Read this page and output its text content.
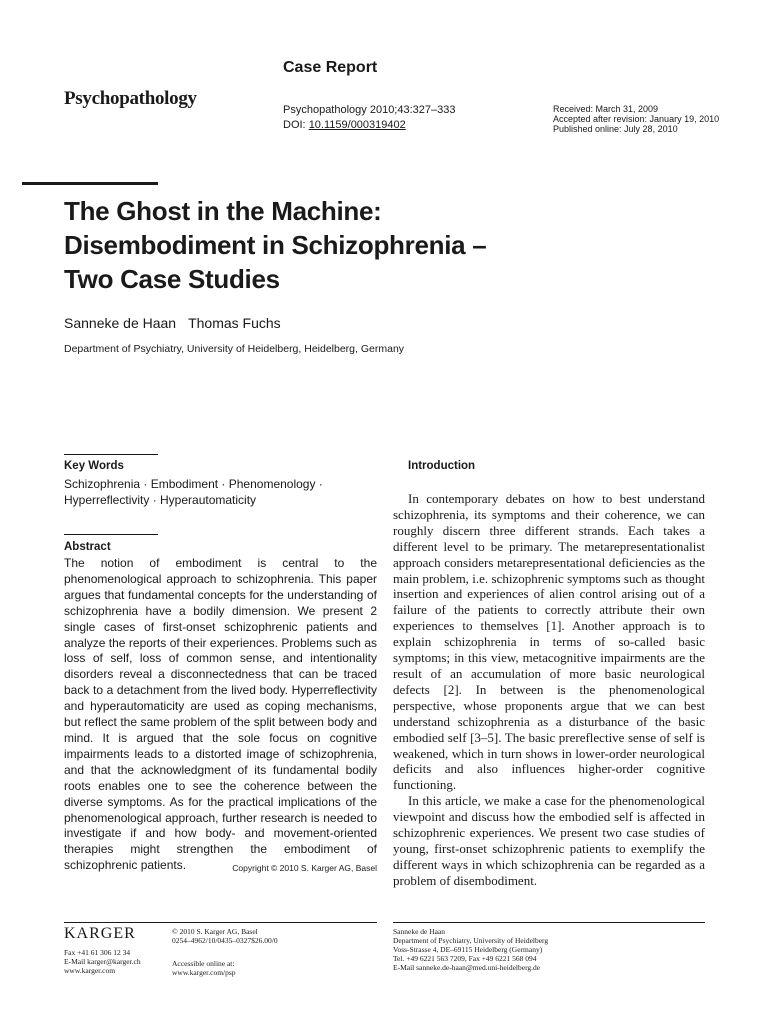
Psychopathology
Case Report
Psychopathology 2010;43:327–333
DOI: 10.1159/000319402
Received: March 31, 2009
Accepted after revision: January 19, 2010
Published online: July 28, 2010
The Ghost in the Machine:
Disembodiment in Schizophrenia –
Two Case Studies
Sanneke de Haan Thomas Fuchs
Department of Psychiatry, University of Heidelberg, Heidelberg, Germany
Key Words
Schizophrenia · Embodiment · Phenomenology ·
Hyperreflectivity · Hyperautomaticity
Abstract
The notion of embodiment is central to the phenomenological approach to schizophrenia. This paper argues that fundamental concepts for the understanding of schizophrenia have a bodily dimension. We present 2 single cases of first-onset schizophrenic patients and analyze the reports of their experiences. Problems such as loss of self, loss of common sense, and intentionality disorders reveal a disconnectedness that can be traced back to a detachment from the lived body. Hyperreflectivity and hyperautomaticity are used as coping mechanisms, but reflect the same problem of the split between body and mind. It is argued that the sole focus on cognitive impairments leads to a distorted image of schizophrenia, and that the acknowledgment of its fundamental bodily roots enables one to see the coherence between the diverse symptoms. As for the practical implications of the phenomenological approach, further research is needed to investigate if and how body- and movement-oriented therapies might strengthen the embodiment of schizophrenic patients.	Copyright © 2010 S. Karger AG, Basel
Introduction

In contemporary debates on how to best understand schizophrenia, its symptoms and their coherence, we can roughly discern three different strands. Each takes a different level to be primary. The metarepresentationalist approach considers metarepresentational deficiencies as the main problem, i.e. schizophrenic symptoms such as thought insertion and experiences of alien control arising out of a failure of the patients to correctly attribute their own experiences to themselves [1]. Another approach is to explain schizophrenia in terms of so-called basic symptoms; in this view, metacognitive impairments are the result of an accumulation of more basic neurological defects [2]. In between is the phenomenological perspective, whose proponents argue that we can best understand schizophrenia as a disturbance of the basic embodied self [3–5]. The basic prereflective sense of self is weakened, which in turn shows in lower-order neurological deficits and also influences higher-order cognitive functioning.

In this article, we make a case for the phenomenological viewpoint and discuss how the embodied self is affected in schizophrenic experiences. We present two case studies of young, first-onset schizophrenic patients to exemplify the different ways in which schizophrenia can be regarded as a problem of disembodiment.

KARGER
Fax +41 61 306 12 34
E-Mail karger@karger.ch
www.karger.com
© 2010 S. Karger AG, Basel
0254–4962/10/0435–0327$26.00/0
Accessible online at:
www.karger.com/psp
Sanneke de Haan
Department of Psychiatry, University of Heidelberg
Voss-Strasse 4, DE–69115 Heidelberg (Germany)
Tel. +49 6221 563 7209, Fax +49 6221 568 094
E-Mail sanneke.de-haan@med.uni-heidelberg.de
